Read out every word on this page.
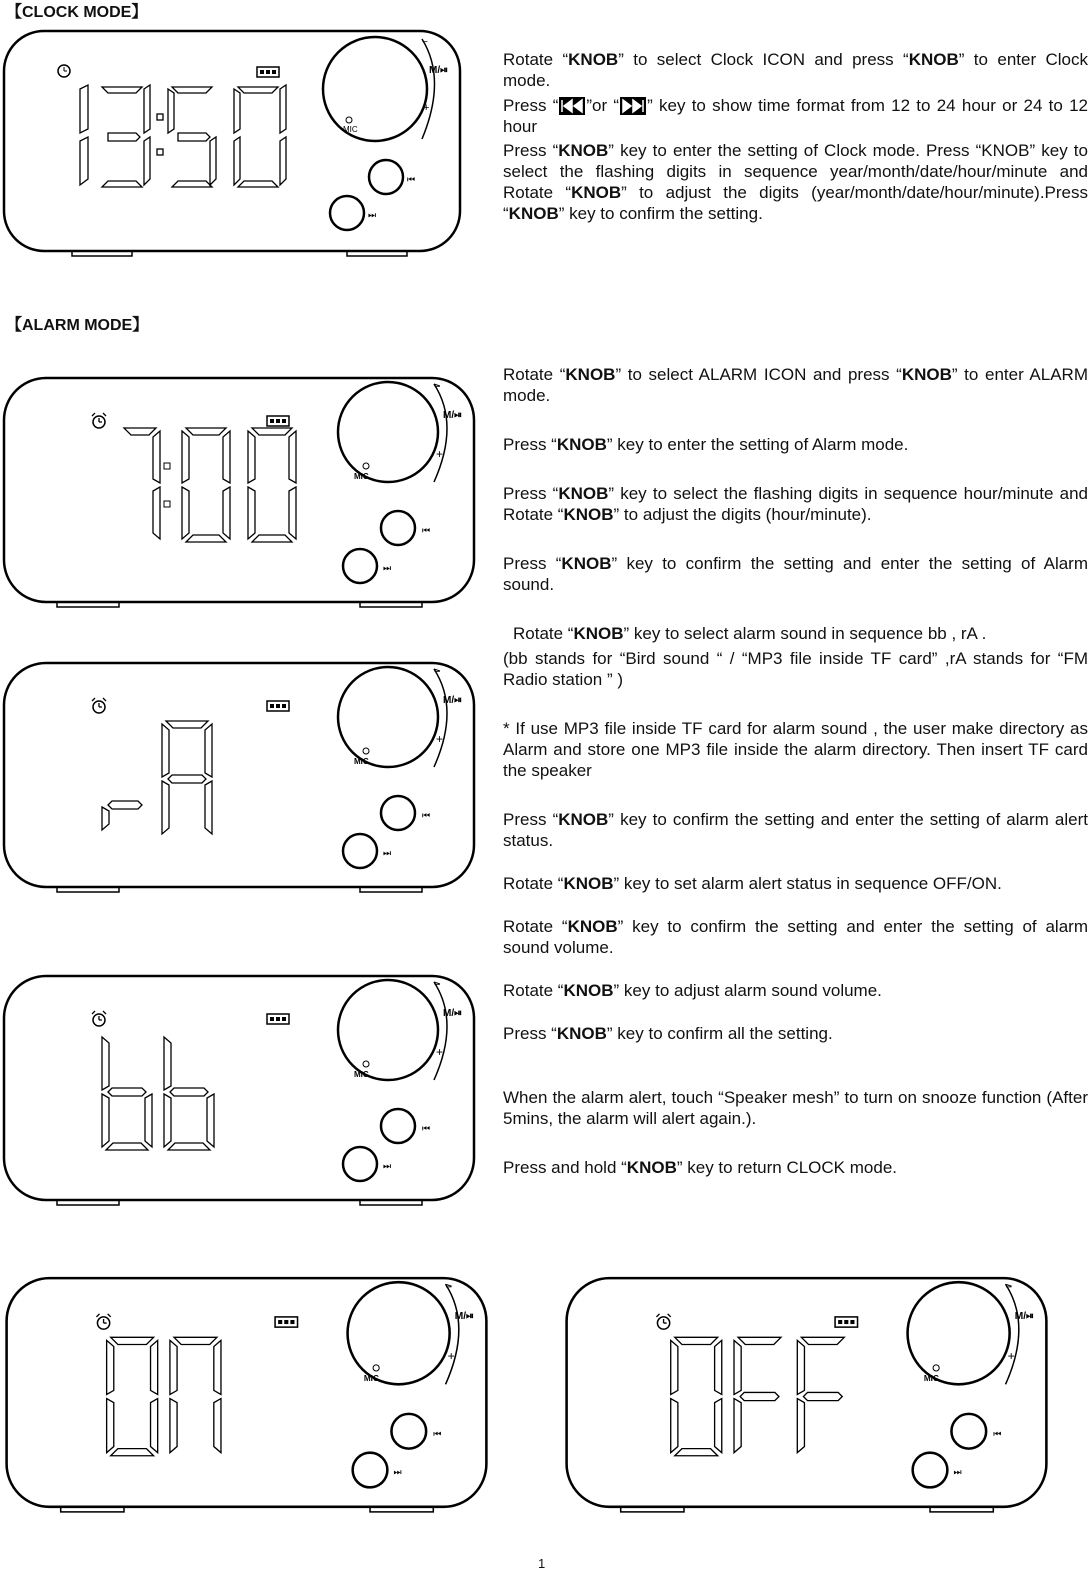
【CLOCK MODE】
M/⏯
−
+
MIC
⏮
⏭

Rotate “KNOB” to select Clock ICON and press “KNOB” to enter Clock mode.

Press “ ”or “ ” key to show time format from 12 to 24 hour or 24 to 12 hour

Press “KNOB” key to enter the setting of Clock mode. Press “KNOB” key to select the flashing digits in sequence year/month/date/hour/minute and Rotate “KNOB” to adjust the digits (year/month/date/hour/minute).Press “KNOB” key to confirm the setting.

【ALARM MODE】
M/⏯
−
+
MIC
⏮
⏭
M/⏯
−
+
MIC
⏮
⏭
M/⏯
−
+
MIC
⏮
⏭
M/⏯
−
+
MIC
⏮
⏭
M/⏯
−
+
MIC
⏮
⏭

Rotate “KNOB” to select ALARM ICON and press “KNOB” to enter ALARM mode.

Press “KNOB” key to enter the setting of Alarm mode.

Press “KNOB” key to select the flashing digits in sequence hour/minute and Rotate “KNOB” to adjust the digits (hour/minute).

Press “KNOB” key to confirm the setting and enter the setting of Alarm sound.

Rotate “KNOB” key to select alarm sound in sequence bb , rA .

(bb stands for “Bird sound “ / “MP3 file inside TF card” ,rA stands for “FM Radio station ” )

* If use MP3 file inside TF card for alarm sound , the user make directory as Alarm and store one MP3 file inside the alarm directory. Then insert TF card the speaker

Press “KNOB” key to confirm the setting and enter the setting of alarm alert status.

Rotate “KNOB” key to set alarm alert status in sequence OFF/ON.

Rotate “KNOB” key to confirm the setting and enter the setting of alarm sound volume.

Rotate “KNOB” key to adjust alarm sound volume.

Press “KNOB” key to confirm all the setting.

When the alarm alert, touch “Speaker mesh” to turn on snooze function (After 5mins, the alarm will alert again.).

Press and hold “KNOB” key to return CLOCK mode.

1
